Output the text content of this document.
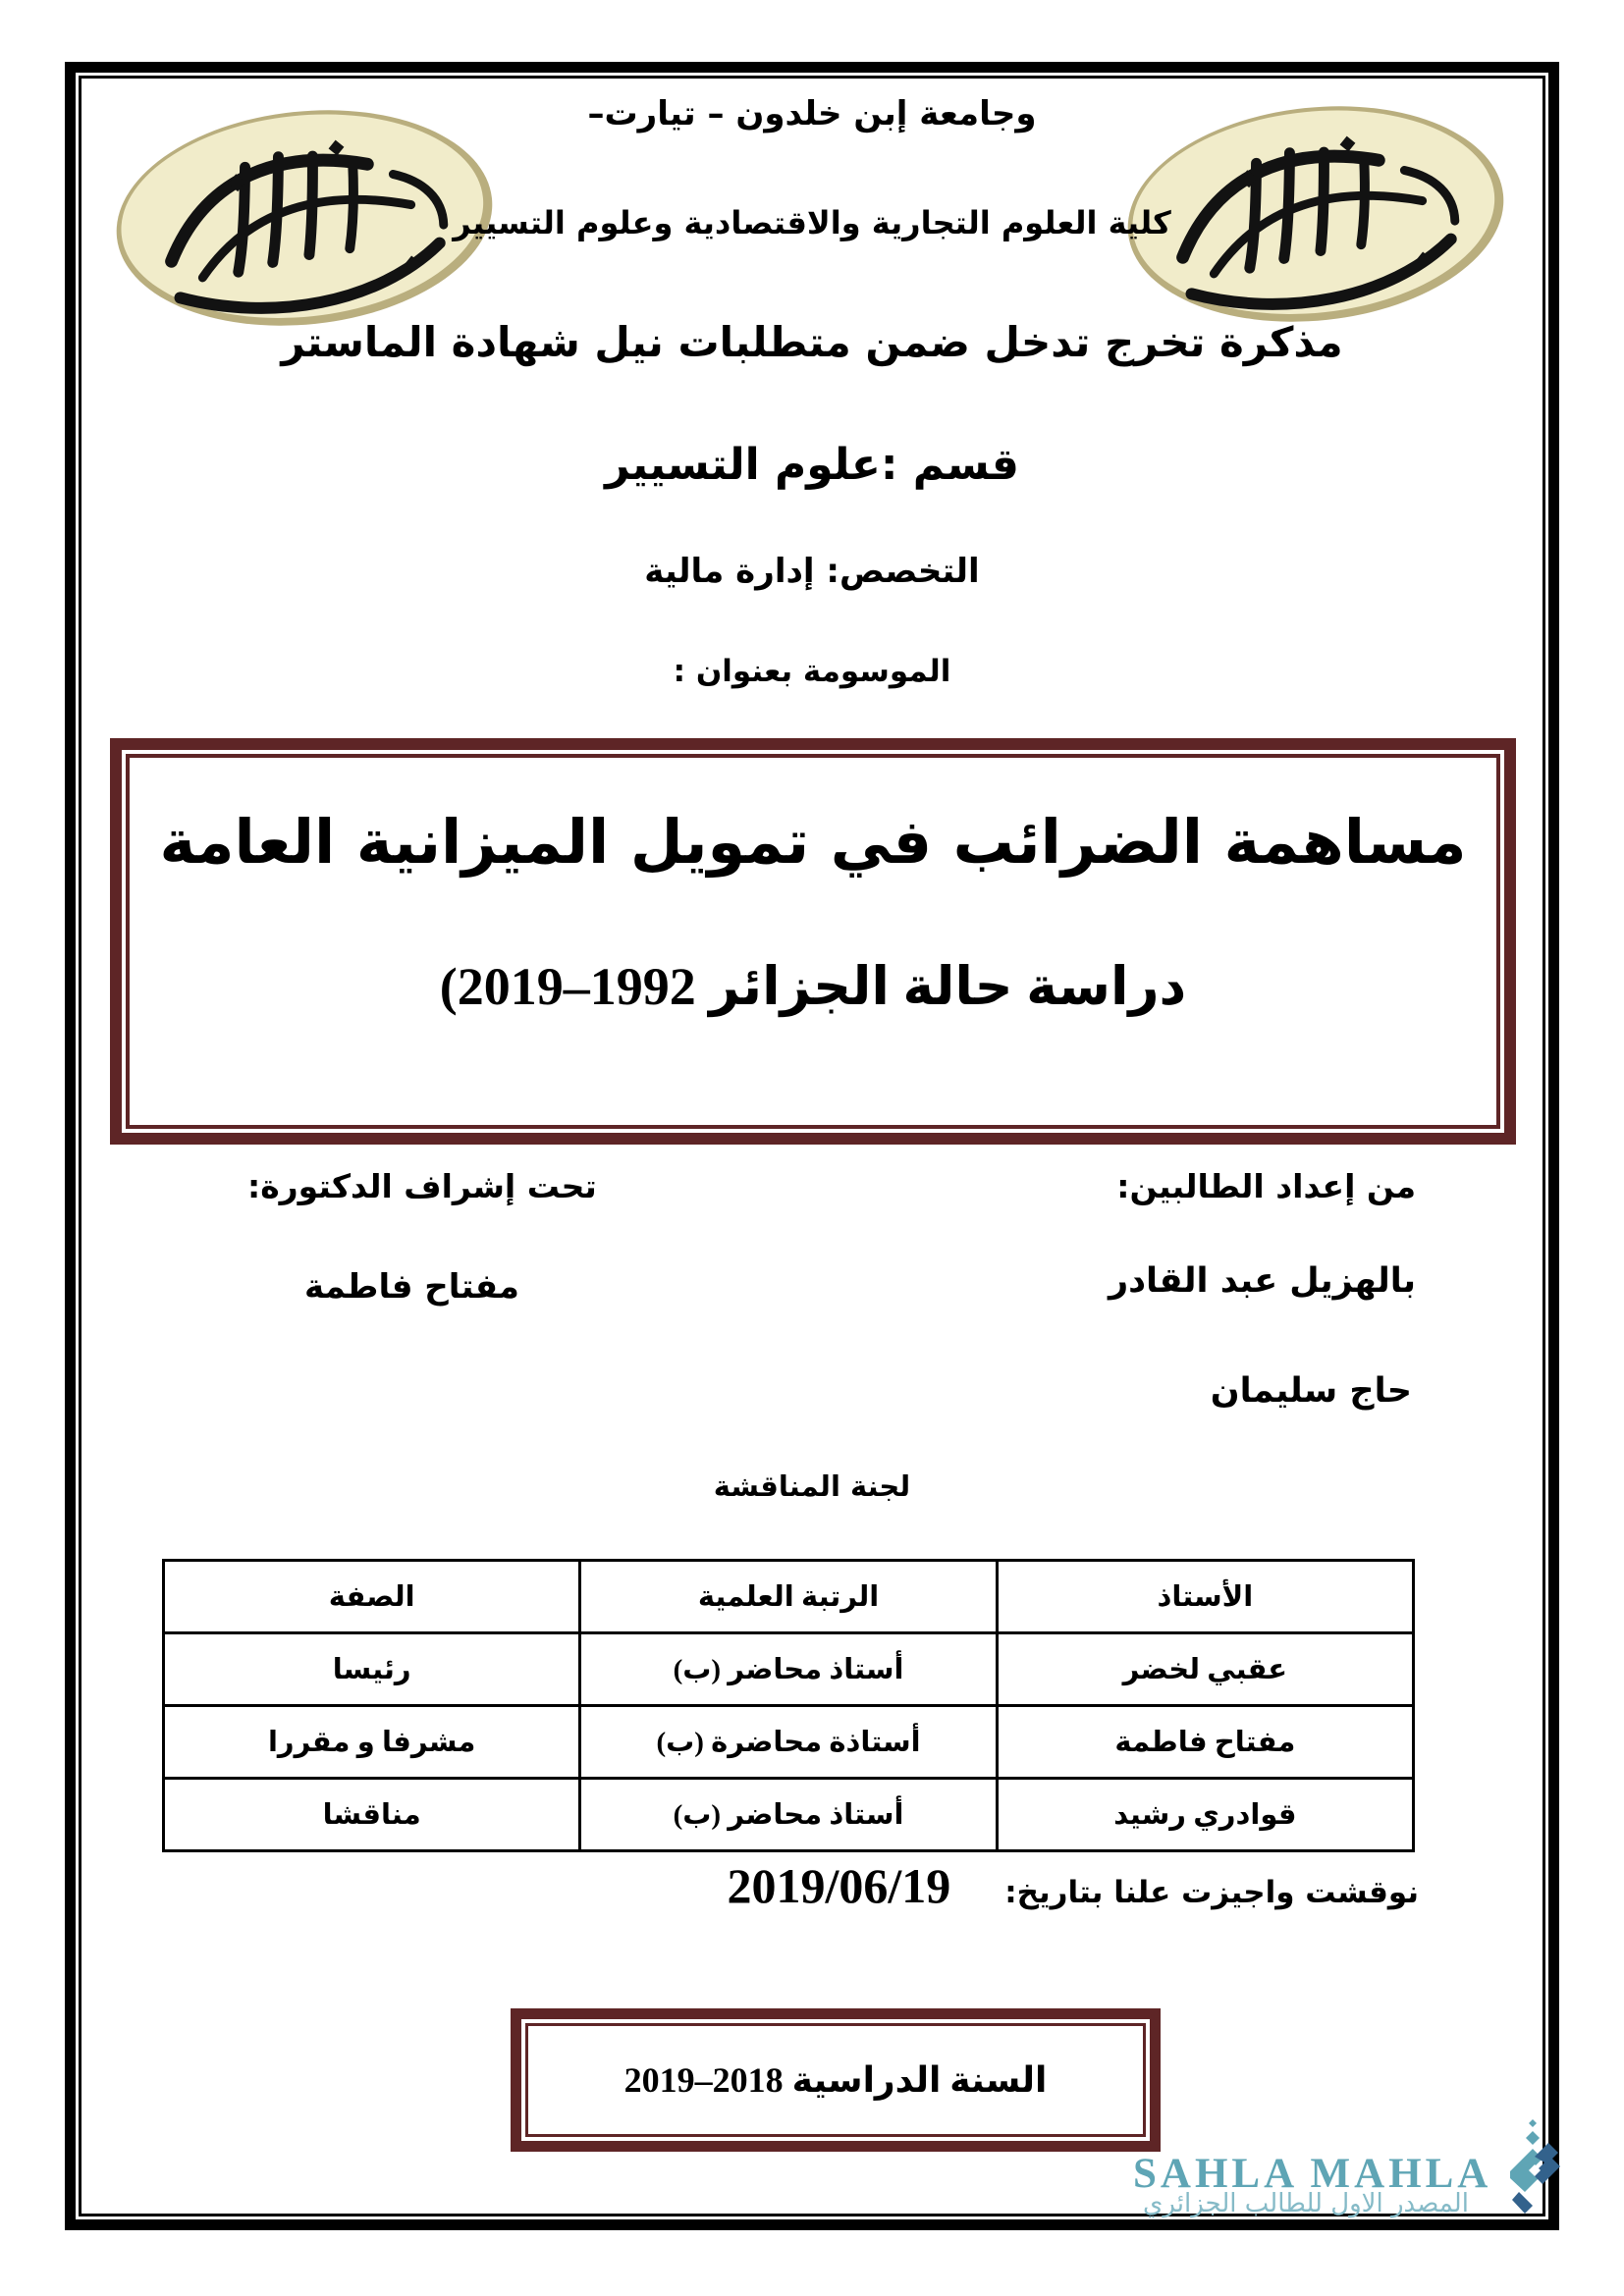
وجامعة إبن خلدون – تيارت–
كلية العلوم التجارية والاقتصادية وعلوم التسيير
مذكرة تخرج تدخل ضمن متطلبات نيل شهادة الماستر
قسم :علوم التسيير
التخصص: إدارة مالية
الموسومة بعنوان :
مساهمة الضرائب في تمويل الميزانية العامة
دراسة حالة الجزائر 1992–2019)
من إعداد الطالبين:
تحت إشراف الدكتورة:
بالهزيل عبد القادر
مفتاح فاطمة
حاج سليمان
لجنة المناقشة
الأستاذ	الرتبة العلمية	الصفة
عقبي لخضر	أستاذ محاضر (ب)	رئيسا
مفتاح فاطمة	أستاذة محاضرة (ب)	مشرفا و مقررا
قوادري رشيد	أستاذ محاضر (ب)	مناقشا
نوقشت واجيزت علنا بتاريخ:2019/06/19
السنة الدراسية 2018–2019
SAHLA MAHLA
المصدر الاول للطالب الجزائري
